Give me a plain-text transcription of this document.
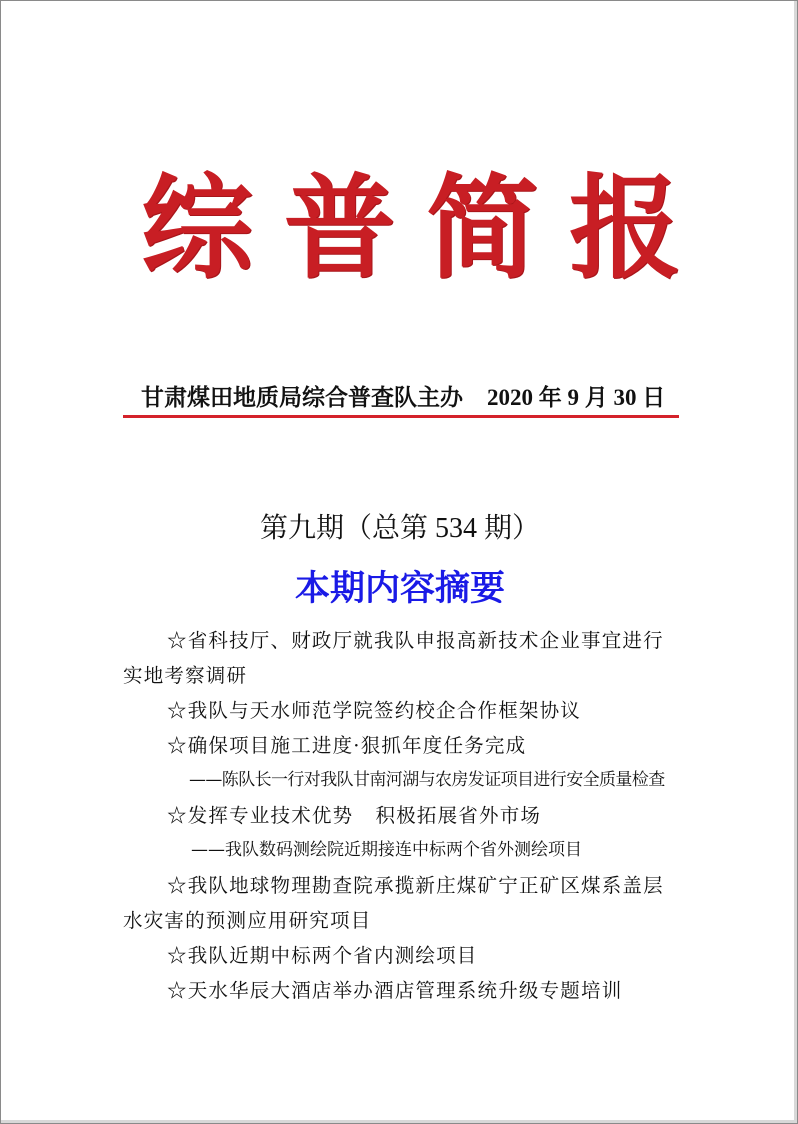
综 普 简 报
甘肃煤田地质局综合普查队主办 2020 年 9 月 30 日
第九期（总第 534 期）
本期内容摘要
☆省科技厅、财政厅就我队申报高新技术企业事宜进行实地考察调研
☆我队与天水师范学院签约校企合作框架协议
☆确保项目施工进度·狠抓年度任务完成
——陈队长一行对我队甘南河湖与农房发证项目进行安全质量检查
☆发挥专业技术优势   积极拓展省外市场
——我队数码测绘院近期接连中标两个省外测绘项目
☆我队地球物理勘查院承揽新庄煤矿宁正矿区煤系盖层水灾害的预测应用研究项目
☆我队近期中标两个省内测绘项目
☆天水华辰大酒店举办酒店管理系统升级专题培训
